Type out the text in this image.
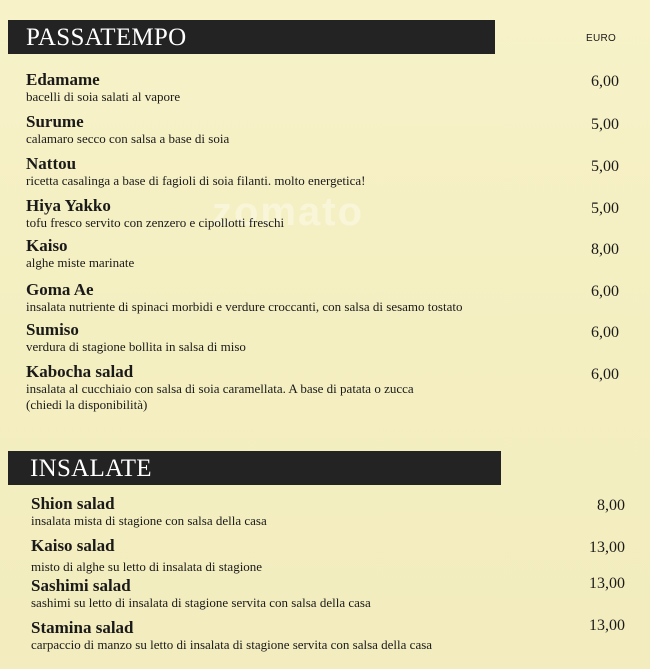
zomato
PASSATEMPO	EURO
Edamame
bacelli di soia salati al vapore
6,00
Surume
calamaro secco con salsa a base di soia
5,00
Nattou
ricetta casalinga a base di fagioli di soia filanti. molto energetica!
5,00
Hiya Yakko
tofu fresco servito con zenzero e cipollotti freschi
5,00
Kaiso
alghe miste marinate
8,00
Goma Ae
insalata nutriente di spinaci morbidi e verdure croccanti, con salsa di sesamo tostato
6,00
Sumiso
verdura di stagione bollita in salsa di miso
6,00
Kabocha salad
insalata al cucchiaio con salsa di soia caramellata. A base di patata o zucca
(chiedi la disponibilità)
6,00
INSALATE
Shion salad
insalata mista di stagione con salsa della casa
8,00
Kaiso salad
misto di alghe su letto di insalata di stagione
13,00
Sashimi salad
sashimi su letto di insalata di stagione servita con salsa della casa
13,00
Stamina salad
carpaccio di manzo su letto di insalata di stagione servita con salsa della casa
13,00
